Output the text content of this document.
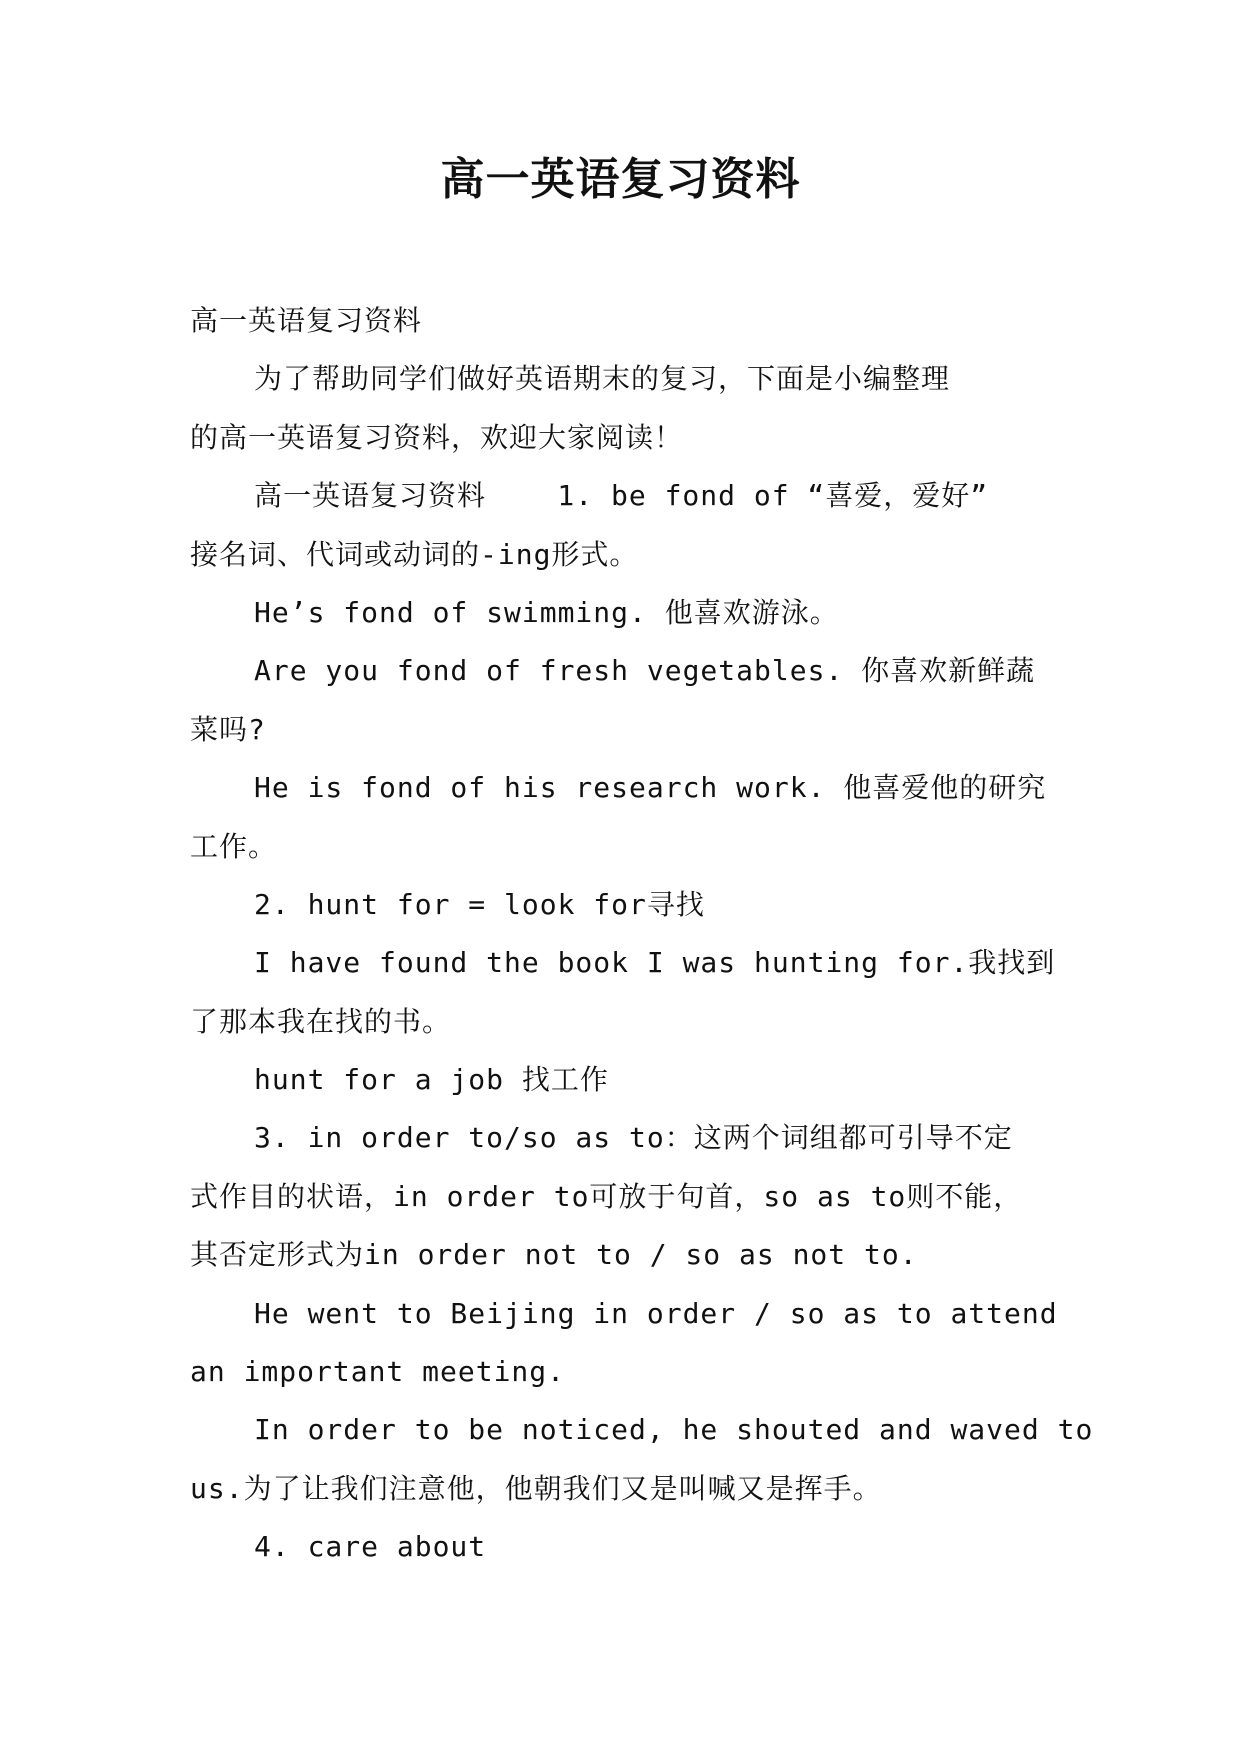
高一英语复习资料

高一英语复习资料

为了帮助同学们做好英语期末的复习，下面是小编整理

的高一英语复习资料，欢迎大家阅读！

高一英语复习资料    1. be fond of “喜爱，爱好”

接名词、代词或动词的-ing形式。

He’s fond of swimming. 他喜欢游泳。

Are you fond of fresh vegetables. 你喜欢新鲜蔬

菜吗?

He is fond of his research work. 他喜爱他的研究

工作。

2. hunt for = look for寻找

I have found the book I was hunting for.我找到

了那本我在找的书。

hunt for a job 找工作

3. in order to/so as to：这两个词组都可引导不定

式作目的状语，in order to可放于句首，so as to则不能，

其否定形式为in order not to / so as not to.

He went to Beijing in order / so as to attend

an important meeting.

In order to be noticed, he shouted and waved to

us.为了让我们注意他，他朝我们又是叫喊又是挥手。

4. care about
